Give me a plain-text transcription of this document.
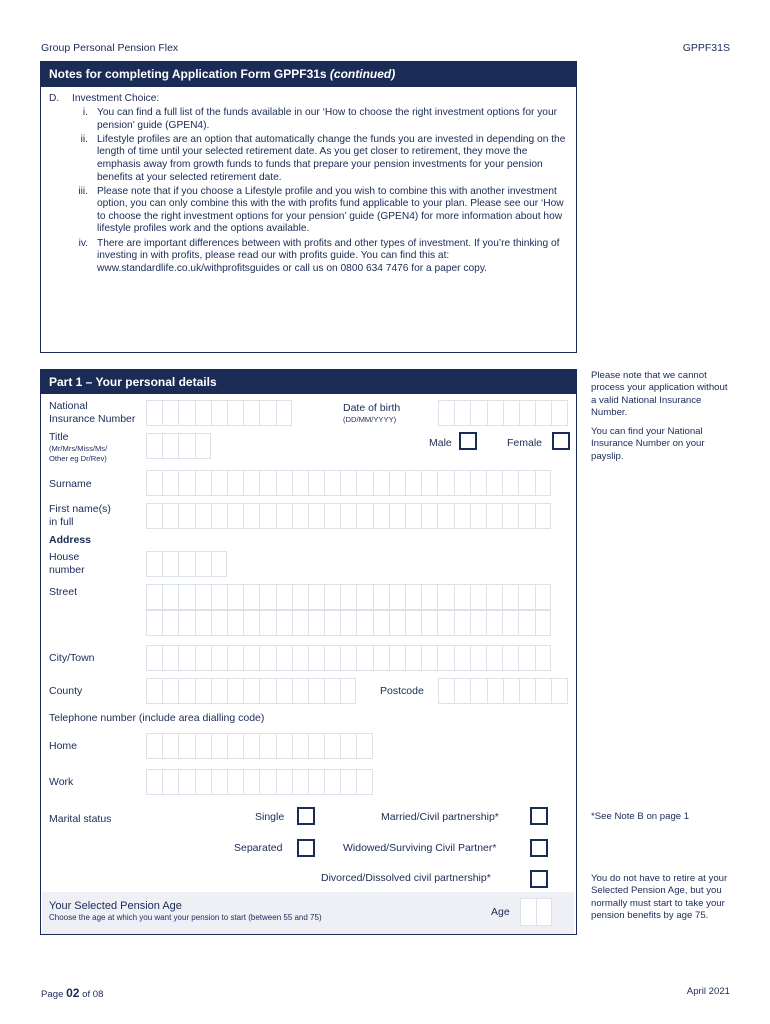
Group Personal Pension Flex	GPPF31S
Notes for completing Application Form GPPF31s (continued)
D.	Investment Choice:
i. You can find a full list of the funds available in our ‘How to choose the right investment options for your pension’ guide (GPEN4).
ii. Lifestyle profiles are an option that automatically change the funds you are invested in depending on the length of time until your selected retirement date. As you get closer to retirement, they move the emphasis away from growth funds to funds that prepare your pension investments for your pension benefits at your selected retirement date.
iii. Please note that if you choose a Lifestyle profile and you wish to combine this with another investment option, you can only combine this with the with profits fund applicable to your plan. Please see our ‘How to choose the right investment options for your pension’ guide (GPEN4) for more information about how lifestyle profiles work and the options available.
iv. There are important differences between with profits and other types of investment. If you’re thinking of investing in with profits, please read our with profits guide. You can find this at: www.standardlife.co.uk/withprofitsguides or call us on 0800 634 7476 for a paper copy.
Part 1 – Your personal details
National
Insurance Number
Date of birth
(DD/MM/YYYY)
Title
(Mr/Mrs/Miss/Ms/
Other eg Dr/Rev)
Male	Female
Surname
First name(s)
in full
Address
House
number
Street
City/Town
County	Postcode
Telephone number (include area dialling code)
Home
Work
Marital status	Single	Married/Civil partnership*
Separated	Widowed/Surviving Civil Partner*
Divorced/Dissolved civil partnership*
Your Selected Pension Age
Choose the age at which you want your pension to start (between 55 and 75)	Age
Please note that we cannot process your application without a valid National Insurance Number.
You can find your National Insurance Number on your payslip.
*See Note B on page 1
You do not have to retire at your Selected Pension Age, but you normally must start to take your pension benefits by age 75.
Page 02 of 08	April 2021
